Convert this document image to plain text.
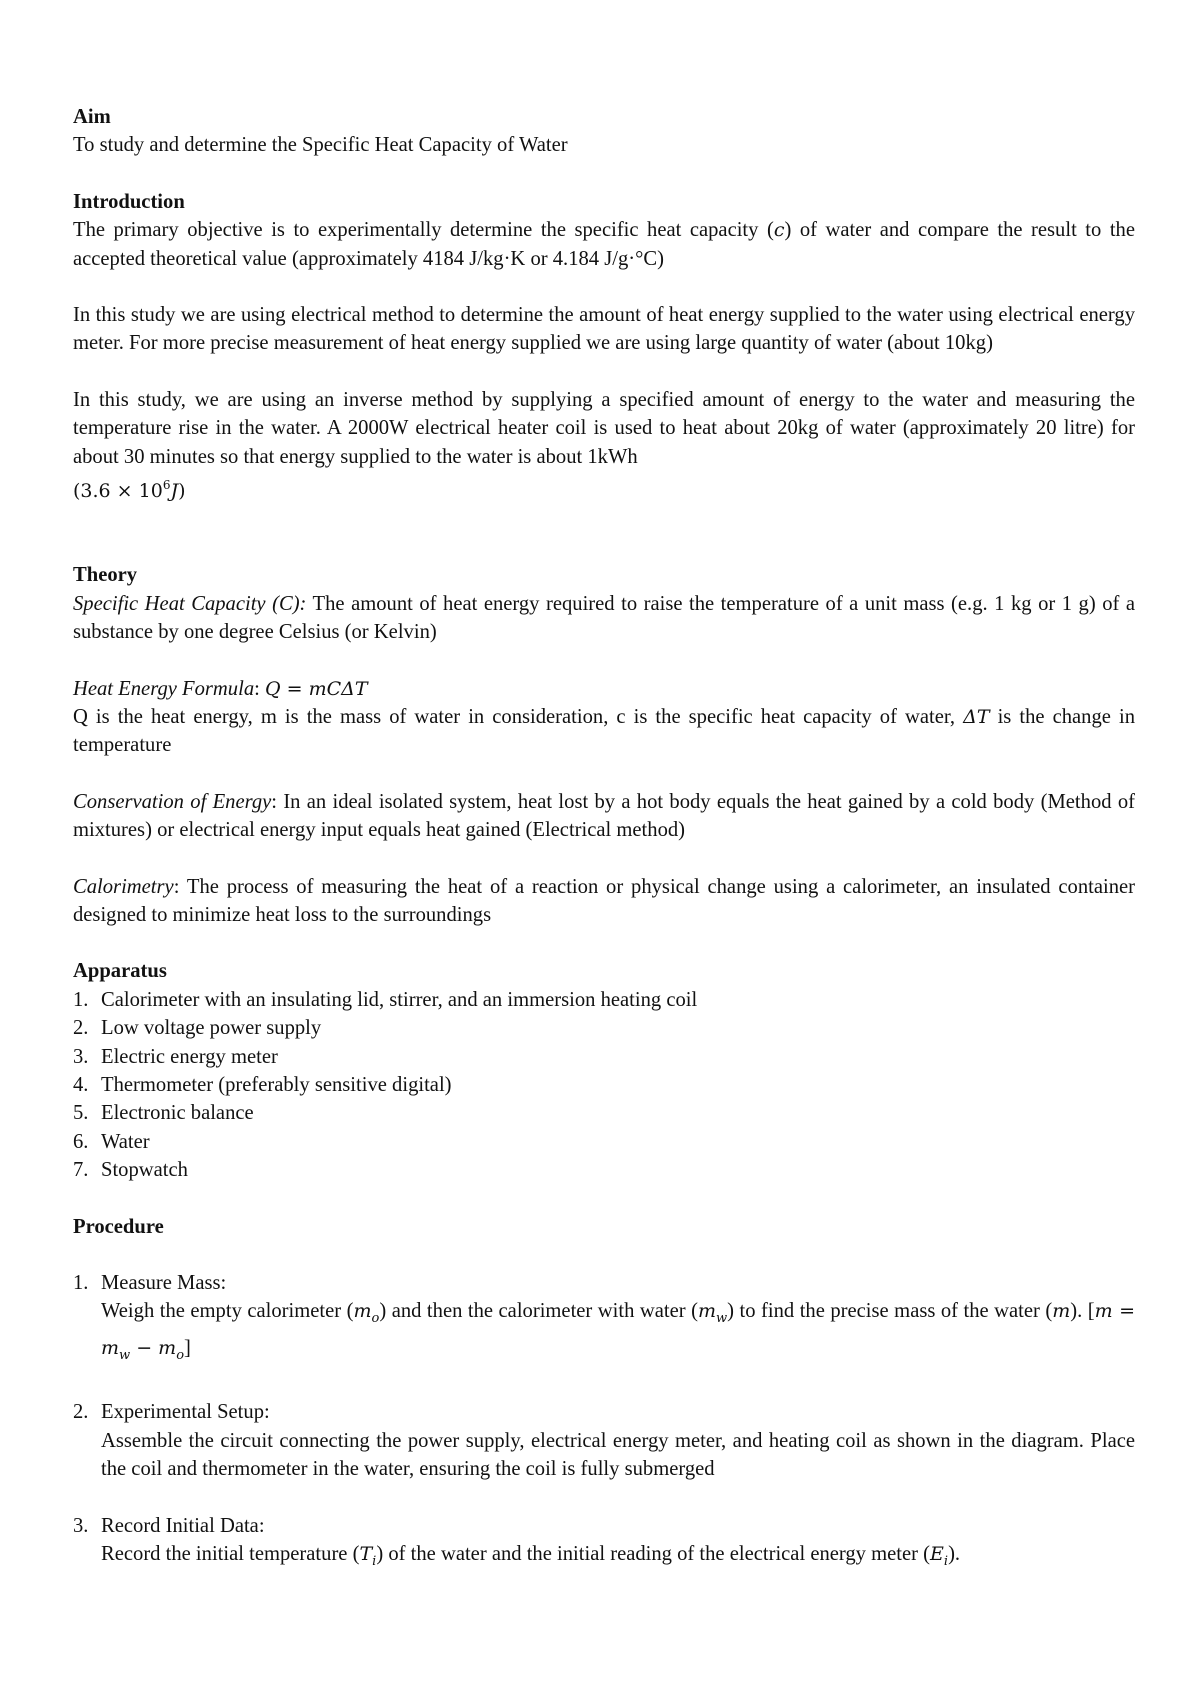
Aim
To study and determine the Specific Heat Capacity of Water
Introduction
The primary objective is to experimentally determine the specific heat capacity (c) of water and compare the result to the accepted theoretical value (approximately 4184 J/kg·K or 4.184 J/g·°C)
In this study we are using electrical method to determine the amount of heat energy supplied to the water using electrical energy meter. For more precise measurement of heat energy supplied we are using large quantity of water (about 10kg)
In this study, we are using an inverse method by supplying a specified amount of energy to the water and measuring the temperature rise in the water. A 2000W electrical heater coil is used to heat about 20kg of water (approximately 20 litre) for about 30 minutes so that energy supplied to the water is about 1kWh
$(3.6 \times 10^6J)$
Theory
Specific Heat Capacity (C): The amount of heat energy required to raise the temperature of a unit mass (e.g. 1 kg or 1 g) of a substance by one degree Celsius (or Kelvin)
Heat Energy Formula: Q = mCΔT
Q is the heat energy, m is the mass of water in consideration, c is the specific heat capacity of water, ΔT is the change in temperature
Conservation of Energy: In an ideal isolated system, heat lost by a hot body equals the heat gained by a cold body (Method of mixtures) or electrical energy input equals heat gained (Electrical method)
Calorimetry: The process of measuring the heat of a reaction or physical change using a calorimeter, an insulated container designed to minimize heat loss to the surroundings
Apparatus
1. Calorimeter with an insulating lid, stirrer, and an immersion heating coil
2. Low voltage power supply
3. Electric energy meter
4. Thermometer (preferably sensitive digital)
5. Electronic balance
6. Water
7. Stopwatch
Procedure
1. Measure Mass:
Weigh the empty calorimeter $(m_o)$ and then the calorimeter with water $(m_w)$ to find the precise mass of the water (m). $[m = m_w - m_o]$
2. Experimental Setup:
Assemble the circuit connecting the power supply, electrical energy meter, and heating coil as shown in the diagram. Place the coil and thermometer in the water, ensuring the coil is fully submerged
3. Record Initial Data:
Record the initial temperature $(T_i)$ of the water and the initial reading of the electrical energy meter $(E_i)$.
